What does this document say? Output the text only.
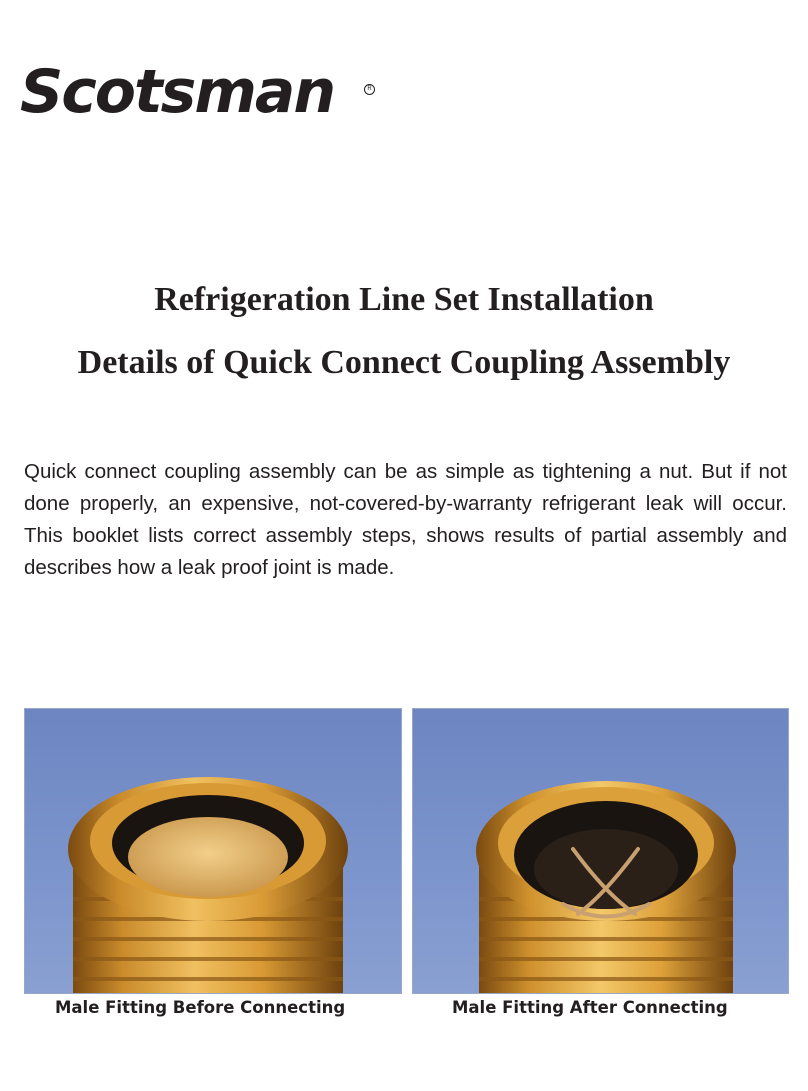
Scotsman	R
Refrigeration Line Set Installation
Details of Quick Connect Coupling Assembly
Quick connect coupling assembly can be as simple as tightening a nut. But if not done properly, an expensive, not-covered-by-warranty refrigerant leak will occur. This booklet lists correct assembly steps, shows results of partial assembly and describes how a leak proof joint is made.
Male Fitting Before Connecting	Male Fitting After Connecting
